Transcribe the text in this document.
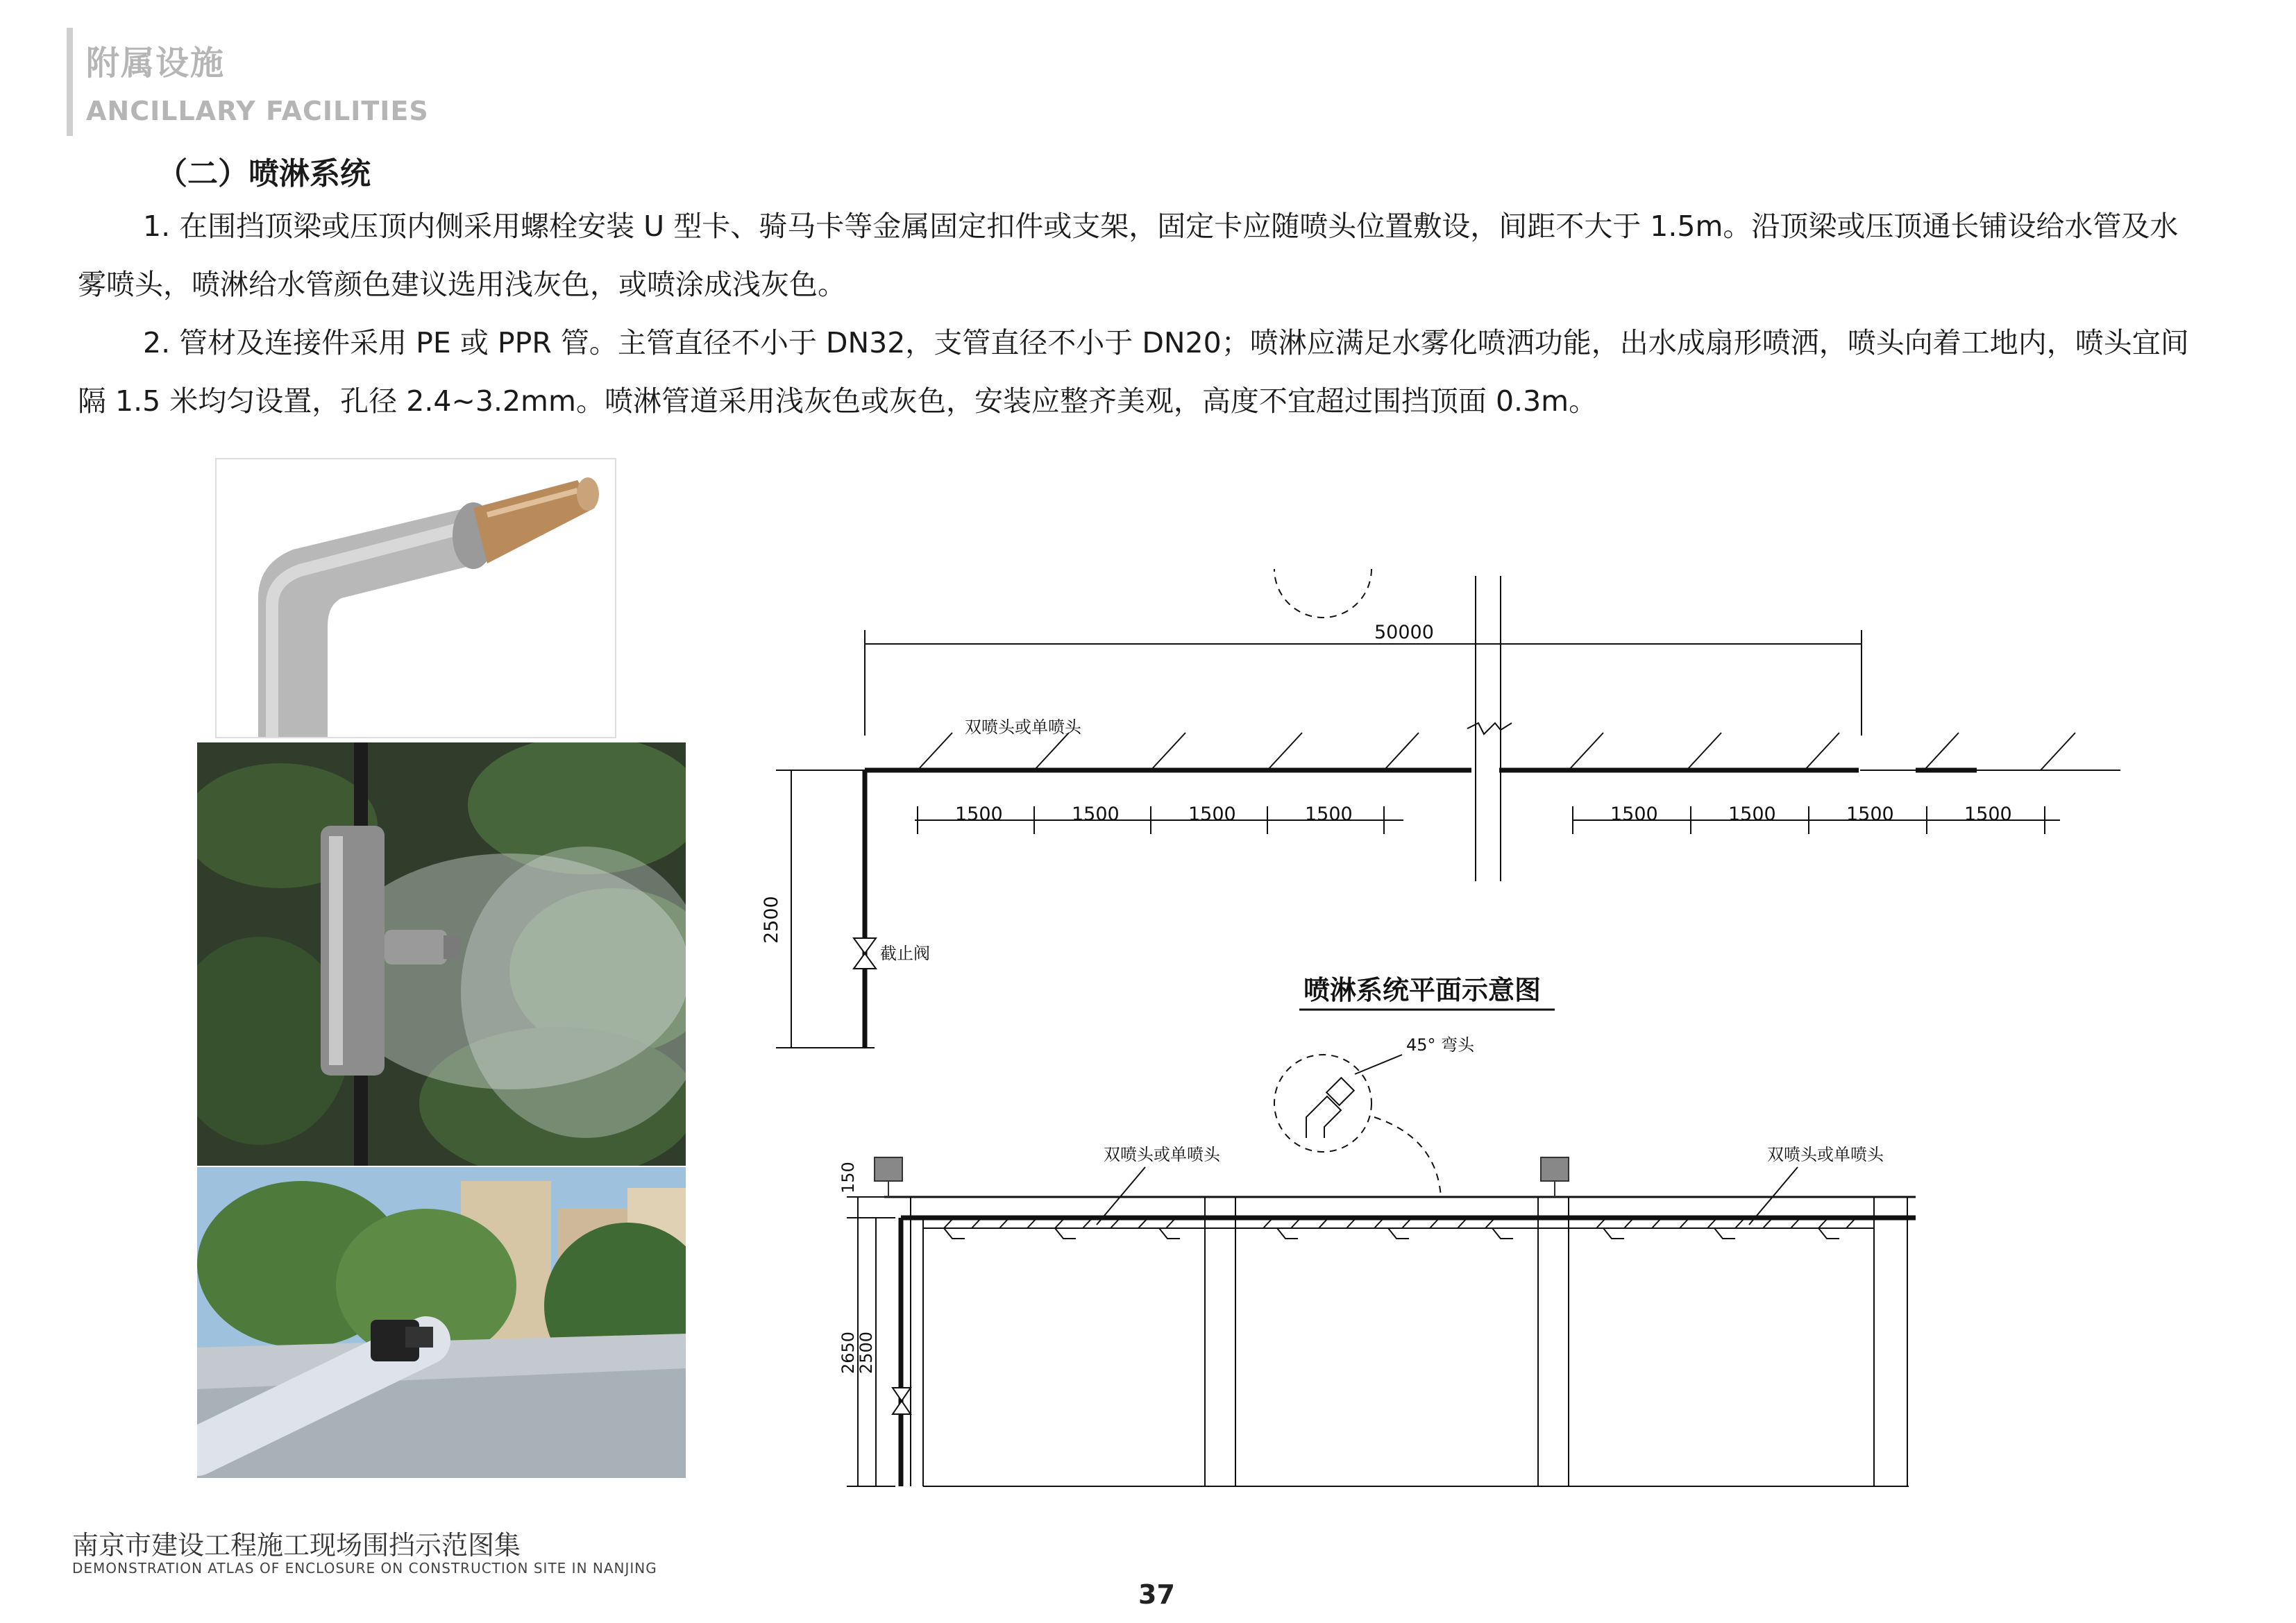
附属设施
ANCILLARY FACILITIES
（二）喷淋系统
1. 在围挡顶梁或压顶内侧采用螺栓安装 U 型卡、骑马卡等金属固定扣件或支架，固定卡应随喷头位置敷设，间距不大于 1.5m。沿顶梁或压顶通长铺设给水管及水雾喷头，喷淋给水管颜色建议选用浅灰色，或喷涂成浅灰色。
2. 管材及连接件采用 PE 或 PPR 管。主管直径不小于 DN32，支管直径不小于 DN20；喷淋应满足水雾化喷洒功能，出水成扇形喷洒，喷头向着工地内，喷头宜间隔 1.5 米均匀设置，孔径 2.4~3.2mm。喷淋管道采用浅灰色或灰色，安装应整齐美观，高度不宜超过围挡顶面 0.3m。
50000
双喷头或单喷头
1500	1500	1500	1500	1500	1500	1500	1500
2500
截止阀
喷淋系统平面示意图
45° 弯头
双喷头或单喷头	双喷头或单喷头
150
2650
2500
南京市建设工程施工现场围挡示范图集
DEMONSTRATION ATLAS OF ENCLOSURE ON CONSTRUCTION SITE IN NANJING
37
